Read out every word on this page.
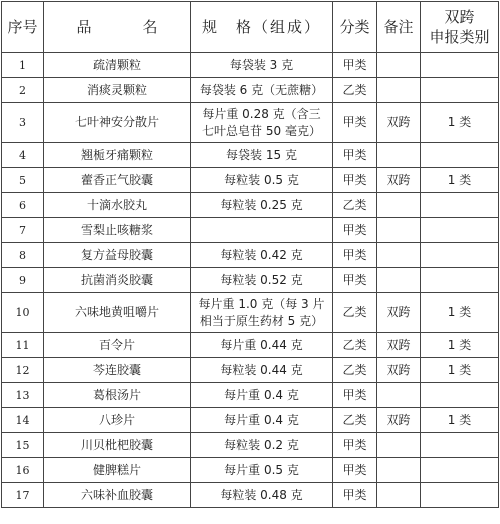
序号	品　名	规　格（组成）	分类	备注	双跨
申报类别

1	疏清颗粒	每袋装 3 克	甲类		
2	消痰灵颗粒	每袋装 6 克（无蔗糖）	乙类		
3	七叶神安分散片	每片重 0.28 克（含三
七叶总皂苷 50 毫克）	甲类	双跨	1 类
4	翘栀牙痛颗粒	每袋装 15 克	甲类		
5	藿香正气胶囊	每粒装 0.5 克	甲类	双跨	1 类
6	十滴水胶丸	每粒装 0.25 克	乙类		
7	雪梨止咳糖浆		甲类		
8	复方益母胶囊	每粒装 0.42 克	甲类		
9	抗菌消炎胶囊	每粒装 0.52 克	甲类		
10	六味地黄咀嚼片	每片重 1.0 克（每 3 片
相当于原生药材 5 克）	乙类	双跨	1 类
11	百令片	每片重 0.44 克	乙类	双跨	1 类
12	芩连胶囊	每粒装 0.44 克	乙类	双跨	1 类
13	葛根汤片	每片重 0.4 克	甲类		
14	八珍片	每片重 0.4 克	乙类	双跨	1 类
15	川贝枇杷胶囊	每粒装 0.2 克	甲类		
16	健脾糕片	每片重 0.5 克	甲类		
17	六味补血胶囊	每粒装 0.48 克	甲类		
